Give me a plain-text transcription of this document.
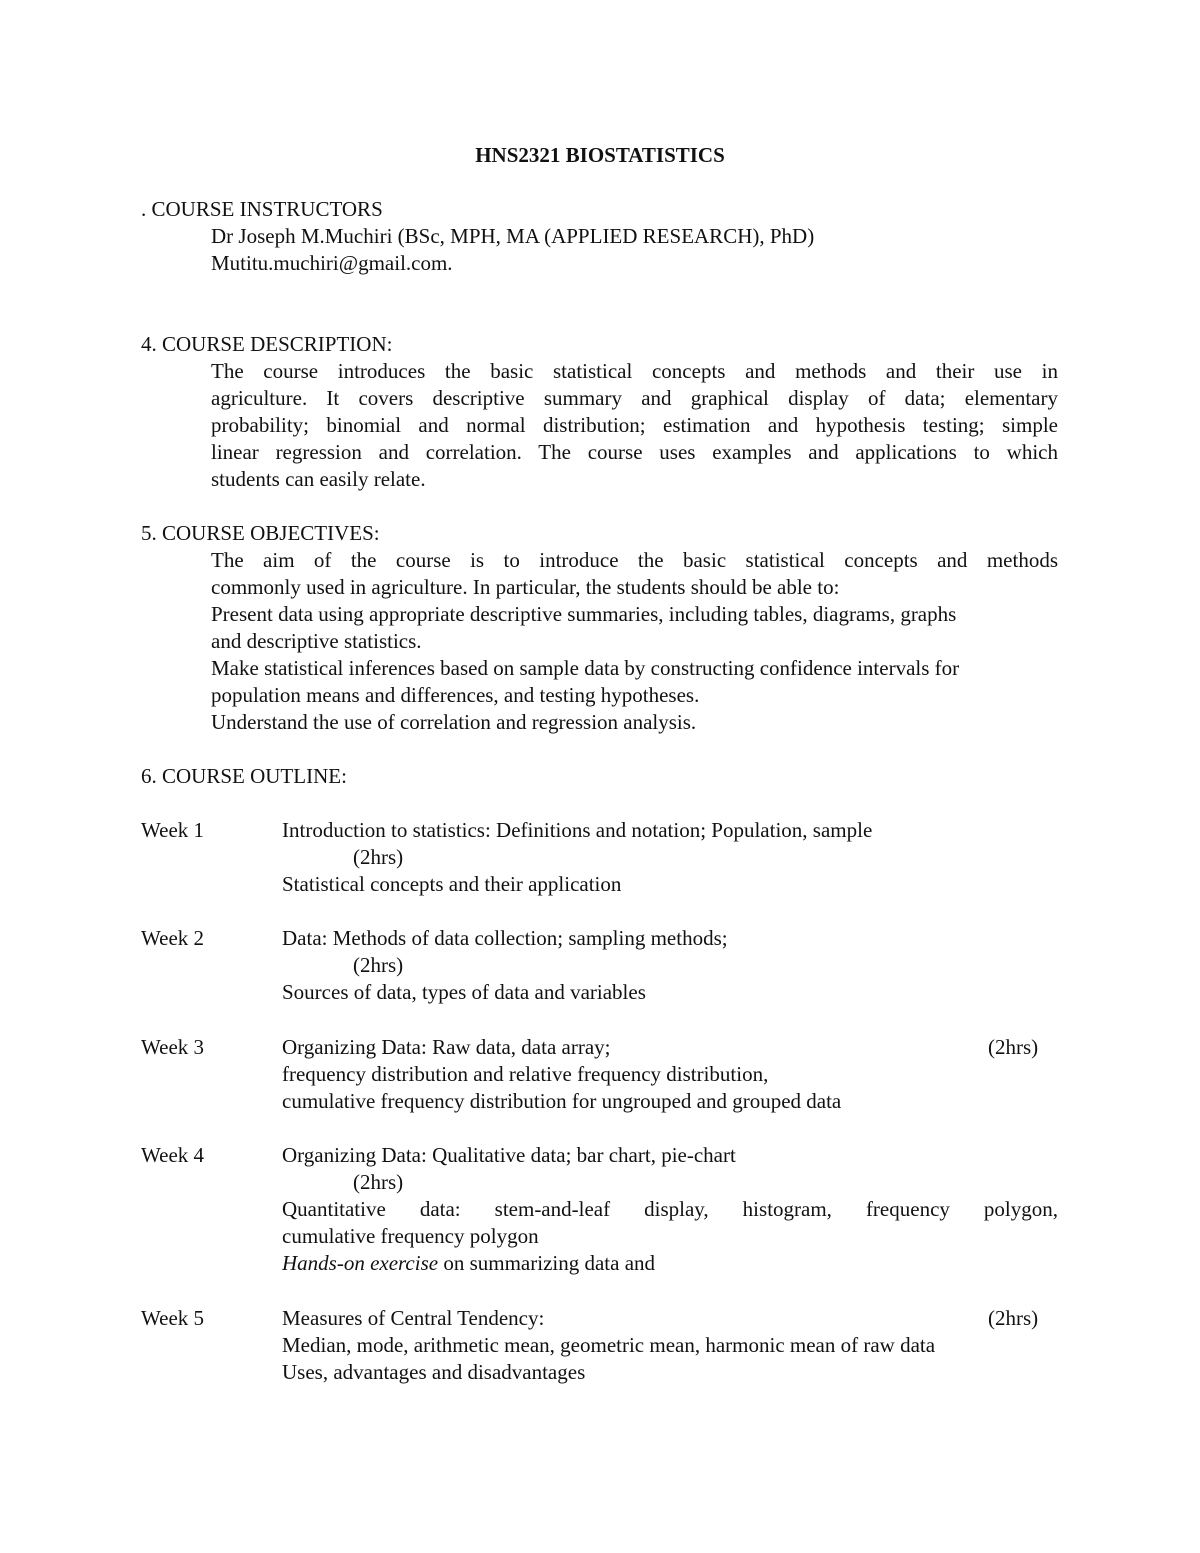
HNS2321 BIOSTATISTICS
. COURSE INSTRUCTORS
Dr Joseph M.Muchiri (BSc, MPH, MA (APPLIED RESEARCH), PhD)
Mutitu.muchiri@gmail.com.
4. COURSE DESCRIPTION:
The course introduces the basic statistical concepts and methods and their use in
agriculture. It covers descriptive summary and graphical display of data; elementary
probability; binomial and normal distribution; estimation and hypothesis testing; simple
linear regression and correlation. The course uses examples and applications to which
students can easily relate.
5. COURSE OBJECTIVES:
The aim of the course is to introduce the basic statistical concepts and methods
commonly used in agriculture. In particular, the students should be able to:
Present data using appropriate descriptive summaries, including tables, diagrams, graphs
and descriptive statistics.
Make statistical inferences based on sample data by constructing confidence intervals for
population means and differences, and testing hypotheses.
Understand the use of correlation and regression analysis.
6. COURSE OUTLINE:
Week 1	Introduction to statistics: Definitions and notation; Population, sample
(2hrs)
Statistical concepts and their application
Week 2	Data: Methods of data collection; sampling methods;
(2hrs)
Sources of data, types of data and variables
Week 3	Organizing Data: Raw data, data array;	(2hrs)
frequency distribution and relative frequency distribution,
cumulative frequency distribution for ungrouped and grouped data
Week 4	Organizing Data: Qualitative data; bar chart, pie-chart
(2hrs)
Quantitative data: stem-and-leaf display, histogram, frequency polygon,
cumulative frequency polygon
Hands-on exercise on summarizing data and
Week 5	Measures of Central Tendency:	(2hrs)
Median, mode, arithmetic mean, geometric mean, harmonic mean of raw data
Uses, advantages and disadvantages
